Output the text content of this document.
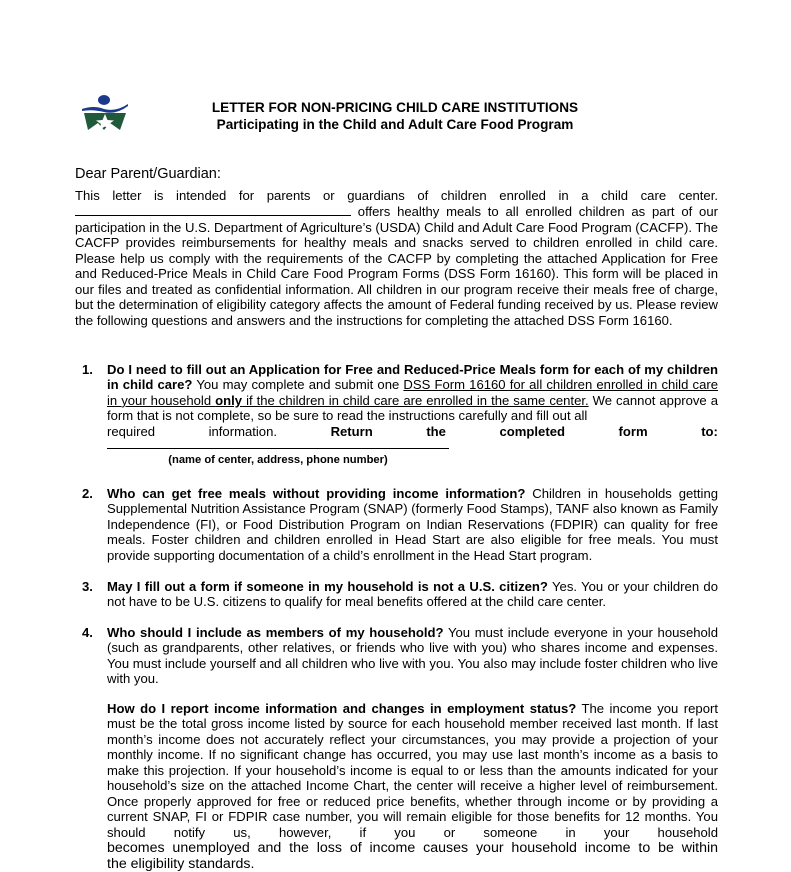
LETTER FOR NON-PRICING CHILD CARE INSTITUTIONS
Participating in the Child and Adult Care Food Program
Dear Parent/Guardian:
This letter is intended for parents or guardians of children enrolled in a child care center.
offers healthy meals to all enrolled children as part of our
participation in the U.S. Department of Agriculture’s (USDA) Child and Adult Care Food Program (CACFP). The CACFP provides reimbursements for healthy meals and snacks served to children enrolled in child care. Please help us comply with the requirements of the CACFP by completing the attached Application for Free and Reduced-Price Meals in Child Care Food Program Forms (DSS Form 16160). This form will be placed in our files and treated as confidential information. All children in our program receive their meals free of charge, but the determination of eligibility category affects the amount of Federal funding received by us. Please review the following questions and answers and the instructions for completing the attached DSS Form 16160.
1. Do I need to fill out an Application for Free and Reduced-Price Meals form for each of my children in child care? You may complete and submit one DSS Form 16160 for all children enrolled in child care in your household only if the children in child care are enrolled in the same center. We cannot approve a form that is not complete, so be sure to read the instructions carefully and fill out all
required	information.	Return	the	completed	form	to:
(name of center, address, phone number)
2. Who can get free meals without providing income information? Children in households getting Supplemental Nutrition Assistance Program (SNAP) (formerly Food Stamps), TANF also known as Family Independence (FI), or Food Distribution Program on Indian Reservations (FDPIR) can quality for free meals. Foster children and children enrolled in Head Start are also eligible for free meals. You must provide supporting documentation of a child’s enrollment in the Head Start program.
3. May I fill out a form if someone in my household is not a U.S. citizen? Yes. You or your children do not have to be U.S. citizens to qualify for meal benefits offered at the child care center.
4. Who should I include as members of my household? You must include everyone in your household (such as grandparents, other relatives, or friends who live with you) who shares income and expenses. You must include yourself and all children who live with you. You also may include foster children who live with you.
How do I report income information and changes in employment status? The income you report must be the total gross income listed by source for each household member received last month. If last month’s income does not accurately reflect your circumstances, you may provide a projection of your monthly income. If no significant change has occurred, you may use last month’s income as a basis to make this projection. If your household’s income is equal to or less than the amounts indicated for your household’s size on the attached Income Chart, the center will receive a higher level of reimbursement. Once properly approved for free or reduced price benefits, whether through income or by providing a current SNAP, FI or FDPIR case number, you will remain eligible for those benefits for 12 months. You should notify us, however, if you or someone in your household
becomes unemployed and the loss of income causes your household income to be within
the eligibility standards.
